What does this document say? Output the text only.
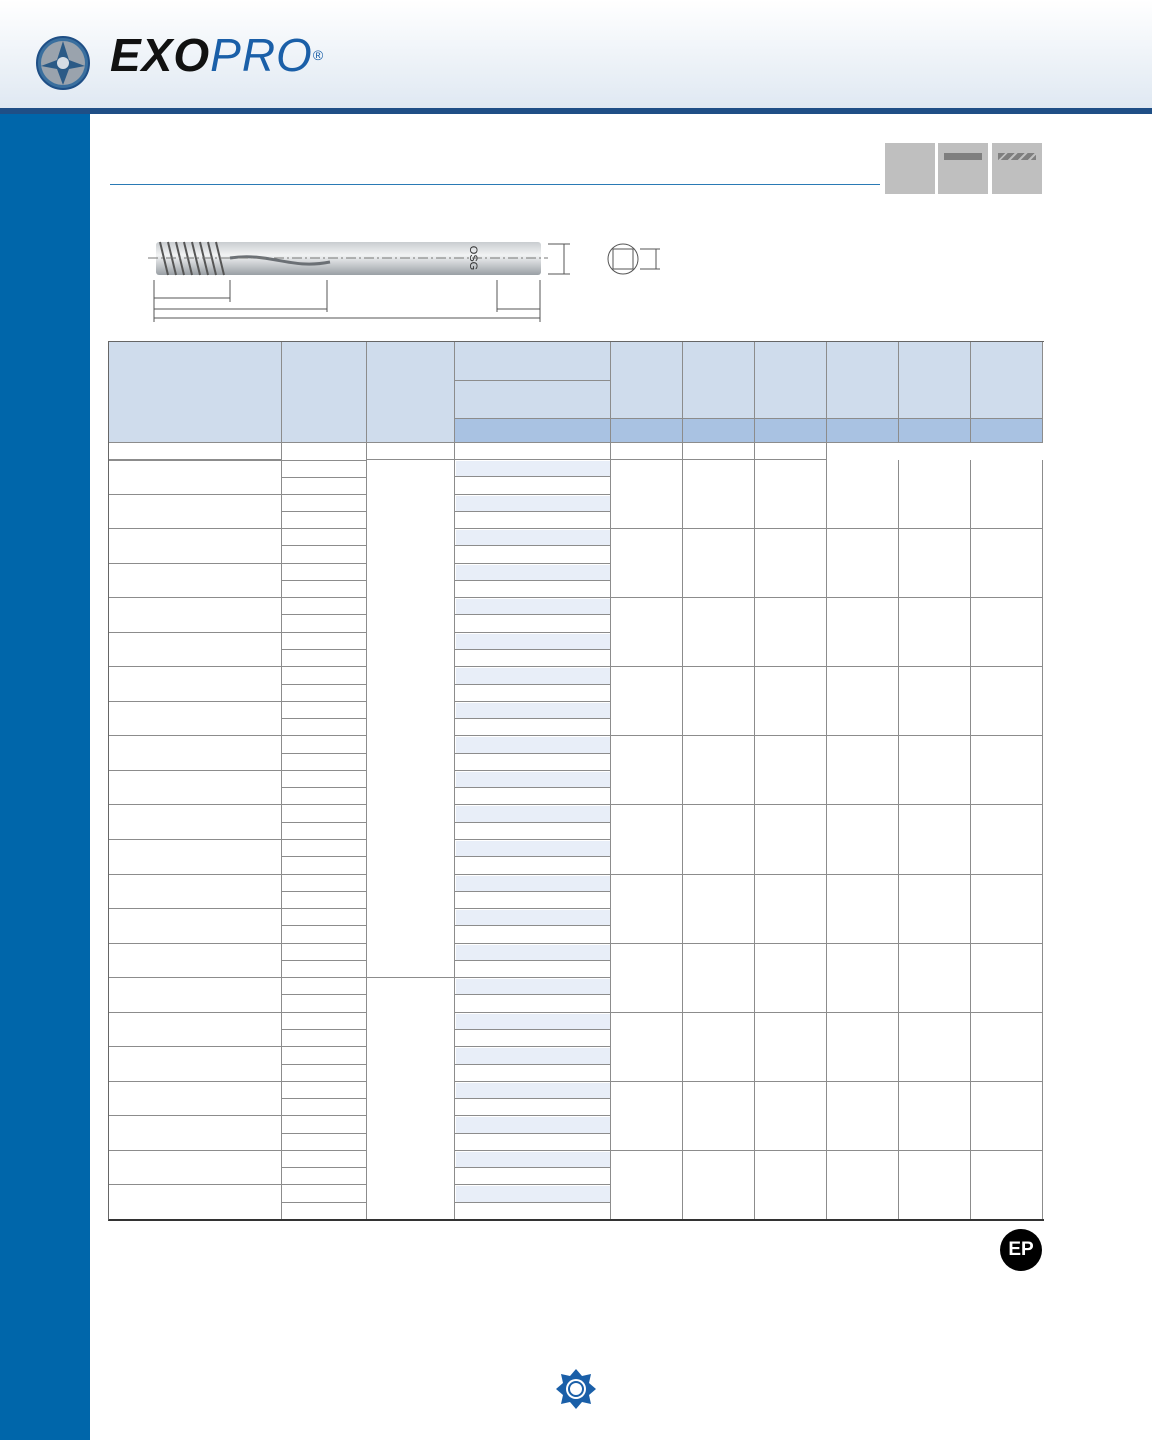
EXOPRO®
OSG
EP
